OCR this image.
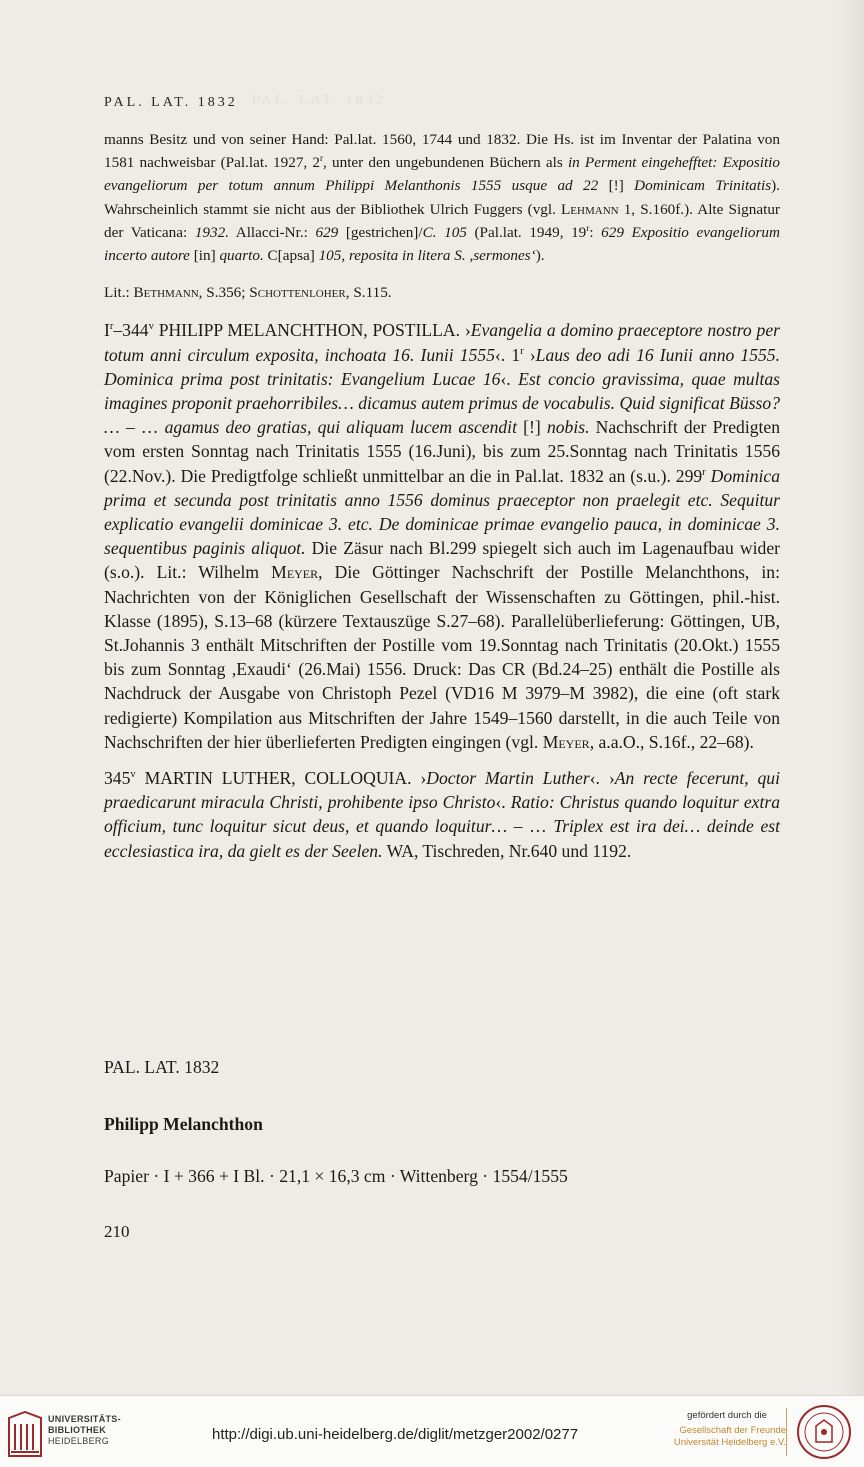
PAL. LAT. 1832
PAL. LAT. 1832

manns Besitz und von seiner Hand: Pal.lat. 1560, 1744 und 1832. Die Hs. ist im Inventar der Palatina von 1581 nachweisbar (Pal.lat. 1927, 2$^r$, unter den ungebundenen Büchern als in Perment eingehefftet: Expositio evangeliorum per totum annum Philippi Melanthonis 1555 usque ad 22 [!] Dominicam Trinitatis). Wahrscheinlich stammt sie nicht aus der Bibliothek Ulrich Fuggers (vgl. Lehmann 1, S.160f.). Alte Signatur der Vaticana: 1932. Allacci-Nr.: 629 [gestrichen]/C. 105 (Pal.lat. 1949, 19$^r$: 629 Expositio evangeliorum incerto autore [in] quarto. C[apsa] 105, reposita in litera S. ,sermones‘).

Lit.: Bethmann, S.356; Schottenloher, S.115.

$I^r-344^v$ PHILIPP MELANCHTHON, POSTILLA. ›Evangelia a domino praeceptore nostro per totum anni circulum exposita, inchoata 16. Iunii 1555‹. 1$^r$ ›Laus deo adi 16 Iunii anno 1555. Dominica prima post trinitatis: Evangelium Lucae 16‹. Est concio gravissima, quae multas imagines proponit praehorribiles… dicamus autem primus de vocabulis. Quid significat Büsso? … – … agamus deo gratias, qui aliquam lucem ascendit [!] nobis. Nachschrift der Predigten vom ersten Sonntag nach Trinitatis 1555 (16.Juni), bis zum 25.Sonntag nach Trinitatis 1556 (22.Nov.). Die Predigtfolge schließt unmittelbar an die in Pal.lat. 1832 an (s.u.). 299$^r$ Dominica prima et secunda post trinitatis anno 1556 dominus praeceptor non praelegit etc. Sequitur explicatio evangelii dominicae 3. etc. De dominicae primae evangelio pauca, in dominicae 3. sequentibus paginis aliquot. Die Zäsur nach Bl.299 spiegelt sich auch im Lagenaufbau wider (s.o.). Lit.: Wilhelm Meyer, Die Göttinger Nachschrift der Postille Melanchthons, in: Nachrichten von der Königlichen Gesellschaft der Wissenschaften zu Göttingen, phil.-hist. Klasse (1895), S.13–68 (kürzere Textauszüge S.27–68). Parallelüberlieferung: Göttingen, UB, St.Johannis 3 enthält Mitschriften der Postille vom 19.Sonntag nach Trinitatis (20.Okt.) 1555 bis zum Sonntag ,Exaudi‘ (26.Mai) 1556. Druck: Das CR (Bd.24–25) enthält die Postille als Nachdruck der Ausgabe von Christoph Pezel (VD16 M 3979–M 3982), die eine (oft stark redigierte) Kompilation aus Mitschriften der Jahre 1549–1560 darstellt, in die auch Teile von Nachschriften der hier überlieferten Predigten eingingen (vgl. Meyer, a.a.O., S.16f., 22–68).

345$^v$ MARTIN LUTHER, COLLOQUIA. ›Doctor Martin Luther‹. ›An recte fecerunt, qui praedicarunt miracula Christi, prohibente ipso Christo‹. Ratio: Christus quando loquitur extra officium, tunc loquitur sicut deus, et quando loquitur… – … Triplex est ira dei… deinde est ecclesiastica ira, da gielt es der Seelen. WA, Tischreden, Nr.640 und 1192.

PAL. LAT. 1832
Philipp Melanchthon
Papier · I + 366 + I Bl. · 21,1 × 16,3 cm · Wittenberg · 1554/1555
210
UNIVERSITÄTS-
BIBLIOTHEK
HEIDELBERG	http://digi.ub.uni-heidelberg.de/diglit/metzger2002/0277
gefördert durch die
Gesellschaft der Freunde
Universität Heidelberg e.V.
